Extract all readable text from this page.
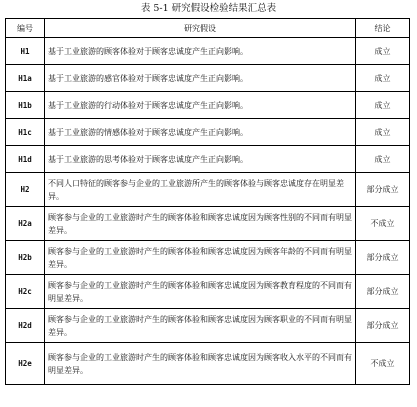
表 5-1 研究假设检验结果汇总表
编号	研究假设	结论
H1	基于工业旅游的顾客体验对于顾客忠诚度产生正向影响。	成立
H1a	基于工业旅游的感官体验对于顾客忠诚度产生正向影响。	成立
H1b	基于工业旅游的行动体验对于顾客忠诚度产生正向影响。	成立
H1c	基于工业旅游的情感体验对于顾客忠诚度产生正向影响。	成立
H1d	基于工业旅游的思考体验对于顾客忠诚度产生正向影响。	成立
H2	不同人口特征的顾客参与企业的工业旅游所产生的顾客体验与顾客忠诚度存在明显差异。	部分成立
H2a	顾客参与企业的工业旅游时产生的顾客体验和顾客忠诚度因为顾客性别的不同而有明显差异。	不成立
H2b	顾客参与企业的工业旅游时产生的顾客体验和顾客忠诚度因为顾客年龄的不同而有明显差异。	部分成立
H2c	顾客参与企业的工业旅游时产生的顾客体验和顾客忠诚度因为顾客教育程度的不同而有明显差异。	部分成立
H2d	顾客参与企业的工业旅游时产生的顾客体验和顾客忠诚度因为顾客职业的不同而有明显差异。	部分成立
H2e	顾客参与企业的工业旅游时产生的顾客体验和顾客忠诚度因为顾客收入水平的不同而有明显差异。	不成立
